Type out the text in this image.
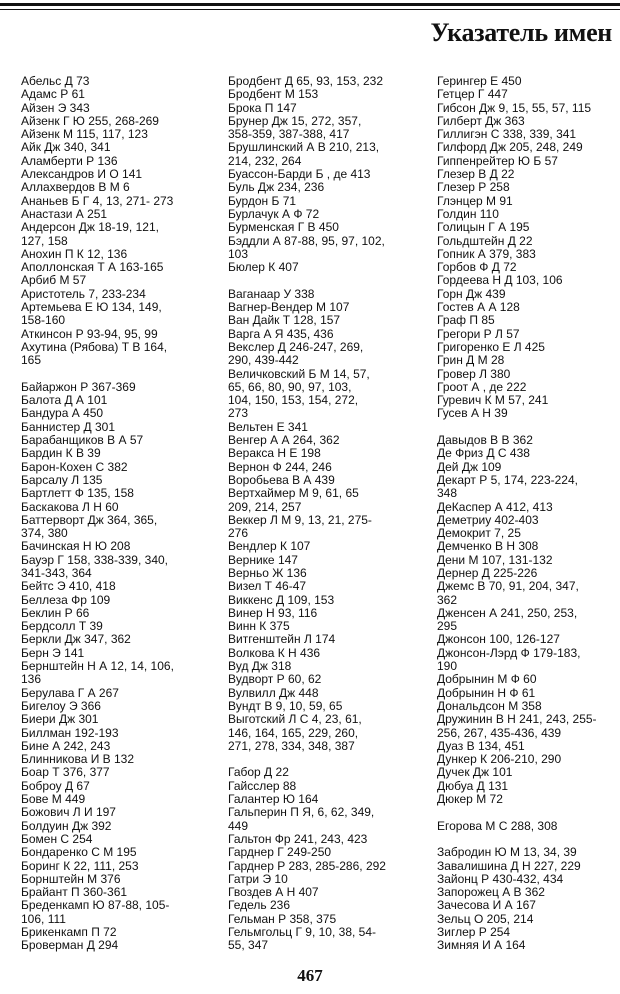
Указатель имен
Абельс Д 73
Адамс Р 61
Айзен Э 343
Айзенк Г Ю 255, 268-269
Айзенк М 115, 117, 123
Айк Дж 340, 341
Аламберти Р 136
Александров И О 141
Аллахвердов В М 6
Ананьев Б Г 4, 13, 271- 273
Анастази А 251
Андерсон Дж 18-19, 121,
127, 158
Анохин П К 12, 136
Аполлонская Т А 163-165
Арбиб М 57
Аристотель 7, 233-234
Артемьева Е Ю 134, 149,
158-160
Аткинсон Р 93-94, 95, 99
Ахутина (Рябова) Т В 164,
165
Байаржон Р 367-369
Балота Д А 101
Бандура А 450
Баннистер Д 301
Барабанщиков В А 57
Бардин К В 39
Барон-Кохен С 382
Барсалу Л 135
Бартлетт Ф 135, 158
Баскакова Л Н 60
Баттерворт Дж 364, 365,
374, 380
Бачинская Н Ю 208
Бауэр Г 158, 338-339, 340,
341-343, 364
Бейтс Э 410, 418
Беллеза Фр 109
Беклин Р 66
Бердсолл Т 39
Беркли Дж 347, 362
Берн Э 141
Бернштейн Н А 12, 14, 106,
136
Берулава Г А 267
Бигелоу Э 366
Биери Дж 301
Биллман 192-193
Бине А 242, 243
Блинникова И В 132
Боар Т 376, 377
Боброу Д 67
Бове М 449
Божович Л И 197
Болдуин Дж 392
Бомен С 254
Бондаренко С М 195
Боринг К 22, 111, 253
Борнштейн М 376
Брайант П 360-361
Бреденкамп Ю 87-88, 105-
106, 111
Брикенкамп П 72
Броверман Д 294
Бродбент Д 65, 93, 153, 232
Бродбент М 153
Брока П 147
Брунер Дж 15, 272, 357,
358-359, 387-388, 417
Брушлинский А В 210, 213,
214, 232, 264
Буассон-Барди Б , де 413
Буль Дж 234, 236
Бурдон Б 71
Бурлачук А Ф 72
Бурменская Г В 450
Бэддли А 87-88, 95, 97, 102,
103
Бюлер К 407
Ваганаар У 338
Вагнер-Вендер М 107
Ван Дайк Т 128, 157
Варга А Я 435, 436
Векслер Д 246-247, 269,
290, 439-442
Величковский Б М 14, 57,
65, 66, 80, 90, 97, 103,
104, 150, 153, 154, 272,
273
Вельтен Е 341
Венгер А А 264, 362
Вераксa Н Е 198
Вернон Ф 244, 246
Воробьева В А 439
Вертхаймер М 9, 61, 65
209, 214, 257
Веккер Л М 9, 13, 21, 275-
276
Вендлер К 107
Верникe 147
Верньо Ж 136
Визел Т 46-47
Виккенс Д 109, 153
Винер Н 93, 116
Винн К 375
Витгенштейн Л 174
Волкова К Н 436
Вуд Дж 318
Вудворт Р 60, 62
Вулвилл Дж 448
Вундт В 9, 10, 59, 65
Выготский Л С 4, 23, 61,
146, 164, 165, 229, 260,
271, 278, 334, 348, 387
Габор Д 22
Гайсслер 88
Галантер Ю 164
Гальперин П Я, 6, 62, 349,
449
Гальтон Фр 241, 243, 423
Гарднер Г 249-250
Гарднер Р 283, 285-286, 292
Гатри Э 10
Гвоздев А Н 407
Гедель 236
Гельман Р 358, 375
Гельмгольц Г 9, 10, 38, 54-
55, 347
Герингер Е 450
Гетцер Г 447
Гибсон Дж 9, 15, 55, 57, 115
Гилберт Дж 363
Гиллигэн С 338, 339, 341
Гилфорд Дж 205, 248, 249
Гиппенрейтер Ю Б 57
Глезер В Д 22
Глезер Р 258
Глэнцер М 91
Голдин 110
Голицын Г А 195
Гольдштейн Д 22
Гопник А 379, 383
Горбов Ф Д 72
Гордеева Н Д 103, 106
Горн Дж 439
Гостев А А 128
Граф П 85
Грегори Р Л 57
Григоренко Е Л 425
Грин Д М 28
Гровер Л 380
Гроот А , де 222
Гуревич К М 57, 241
Гусев А Н 39
Давыдов В В 362
Де Фриз Д С 438
Дей Дж 109
Декарт Р 5, 174, 223-224,
348
ДеКаспер А 412, 413
Деметриу 402-403
Демокрит 7, 25
Демченко В Н 308
Дени М 107, 131-132
Дернер Д 225-226
Джемс В 70, 91, 204, 347,
362
Дженсен А 241, 250, 253,
295
Джонсон 100, 126-127
Джонсон-Лэрд Ф 179-183,
190
Добрынин М Ф 60
Добрынин Н Ф 61
Дональдсон М 358
Дружинин В Н 241, 243, 255-
256, 267, 435-436, 439
Дуаз В 134, 451
Дункер К 206-210, 290
Дучек Дж 101
Дюбуа Д 131
Дюкер М 72
Егорова М С 288, 308
Забродин Ю М 13, 34, 39
Завалишина Д Н 227, 229
Зайонц Р 430-432, 434
Запорожец А В 362
Зачесова И А 167
Зельц О 205, 214
Зиглер Р 254
Зимняя И А 164
467
